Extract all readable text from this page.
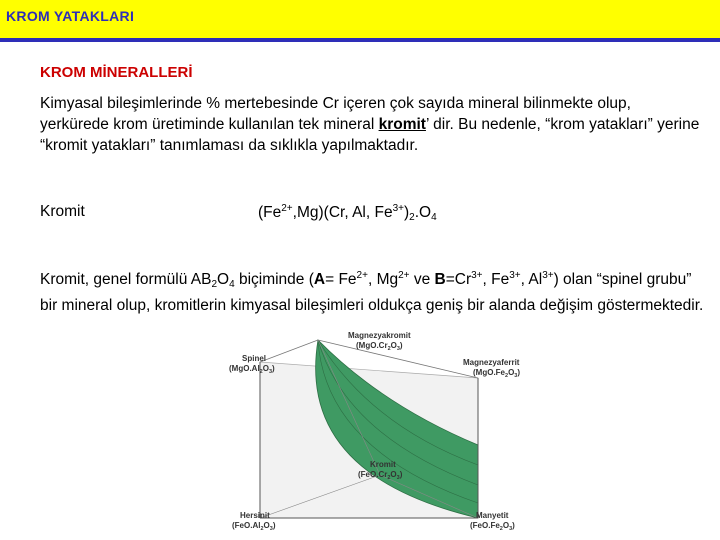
KROM YATAKLARI
KROM MİNERALLERİ

Kimyasal bileşimlerinde % mertebesinde Cr içeren çok sayıda mineral bilinmekte olup, yerkürede krom üretiminde kullanılan tek mineral kromit’ dir. Bu nedenle, “krom yatakları” yerine “kromit yatakları” tanımlaması da sıklıkla yapılmaktadır.

Kromit	$(Fe^{2+},Mg)(Cr$, Al, $Fe^{3+})_2.O_4$

Kromit, genel formülü $AB_2O_4$ biçiminde ($A= Fe^{2+}$, $Mg^{2+}$ ve $B=Cr^{3+}$, $Fe^{3+}$, $Al^{3+}$) olan “spinel grubu” bir mineral olup, kromitlerin kimyasal bileşimleri oldukça geniş bir alanda değişim göstermektedir.

Magnezyakromit
$(MgO.Cr_2O_3)$
Spinel
$(MgO.Al_2O_3)$
Magnezyaferrit
$(MgO.Fe_2O_3)$
Kromit
$(FeO.Cr_2O_3)$
Hersinit
$(FeO.Al_2O_3)$
Manyetit
$(FeO.Fe_2O_3)$
